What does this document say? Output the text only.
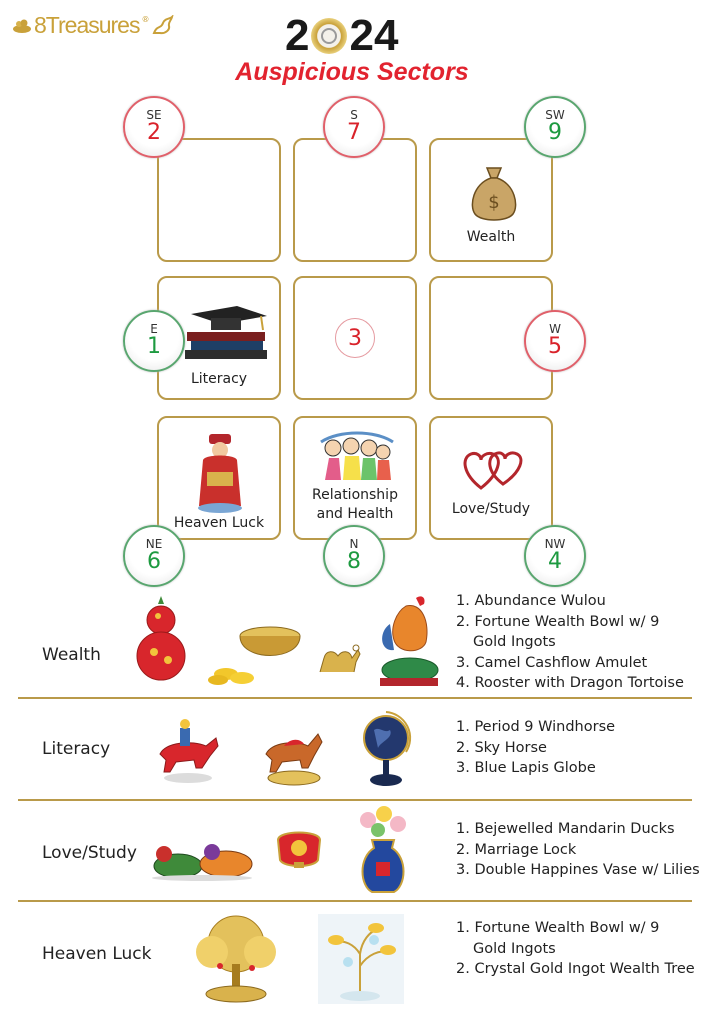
8Treasures ®	2 24
Auspicious Sectors
$
Wealth
Literacy
3
Heaven Luck
Relationship
and Health	Love/Study
SE
2
S
7
SW
9
E
1
W
5
NE
6
N
8
NW
4
Wealth
1. Abundance Wulou
2. Fortune Wealth Bowl w/ 9
Gold Ingots
3. Camel Cashflow Amulet
4. Rooster with Dragon Tortoise
Literacy
1. Period 9 Windhorse
2. Sky Horse
3. Blue Lapis Globe
Love/Study
1. Bejewelled Mandarin Ducks
2. Marriage Lock
3. Double Happines Vase w/ Lilies
Heaven Luck
1. Fortune Wealth Bowl w/ 9
Gold Ingots
2. Crystal Gold Ingot Wealth Tree
